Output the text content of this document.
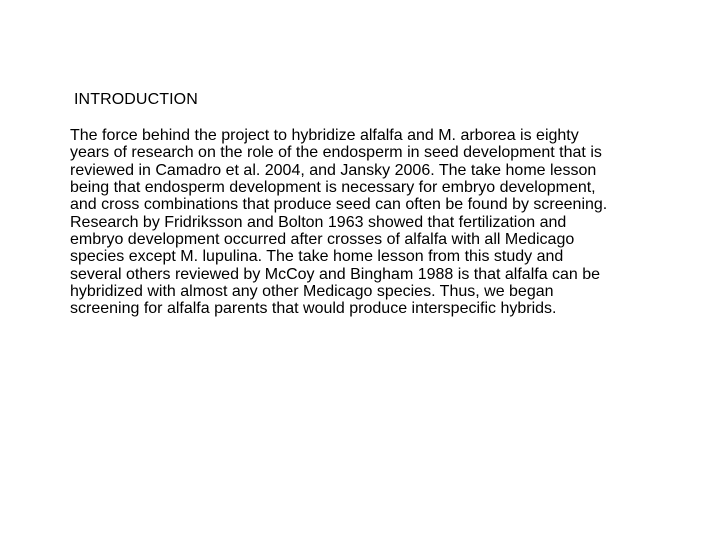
INTRODUCTION
The force behind the project to hybridize alfalfa and M. arborea is eighty
years of research on the role of the endosperm in seed development that is
reviewed in Camadro et al. 2004, and Jansky 2006. The take home lesson
being that endosperm development is necessary for embryo development,
and cross combinations that produce seed can often be found by screening.
Research by Fridriksson and Bolton 1963 showed that fertilization and
embryo development occurred after crosses of alfalfa with all Medicago
species except M. lupulina. The take home lesson from this study and
several others reviewed by McCoy and Bingham 1988 is that alfalfa can be
hybridized with almost any other Medicago species. Thus, we began
screening for alfalfa parents that would produce interspecific hybrids.
